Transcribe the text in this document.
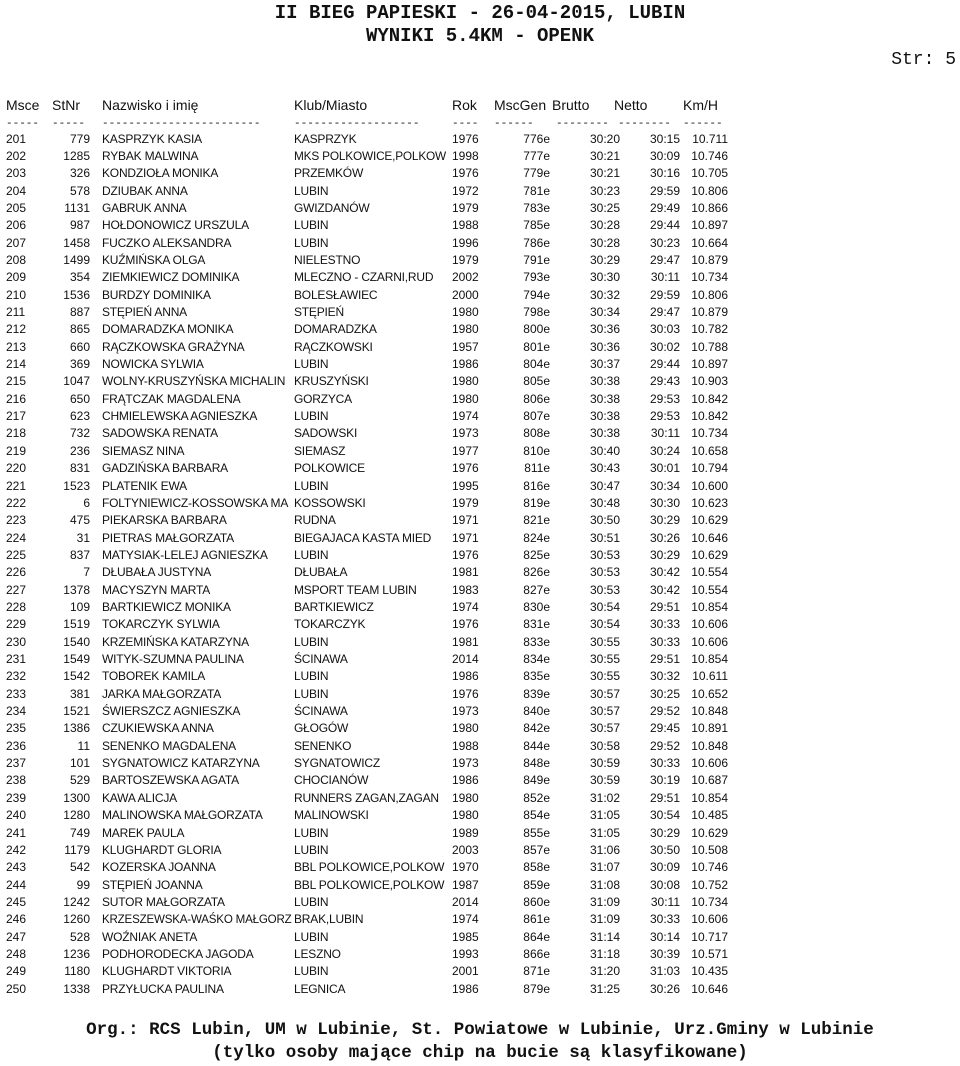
II BIEG PAPIESKI - 26-04-2015, LUBIN
WYNIKI 5.4KM - OPENK
Str: 5
Msce StNr	Nazwisko i imię	Klub/Miasto	Rok	MscGen Brutto	Netto	Km/H
----- ----- ------------------------	-------------------	---- ------ -------- -------- ------
201	779 KASPRZYK KASIA	KASPRZYK	1976	776e	30:20	30:15	10.711
202	1285 RYBAK MALWINA	MKS POLKOWICE,POLKOW 1998	777e	30:21	30:09 10.746
203	326 KONDZIOŁA MONIKA	PRZEMKÓW	1976	779e	30:21	30:16 10.705
204	578 DZIUBAK ANNA	LUBIN	1972	781e	30:23	29:59 10.806
205	1131 GABRUK ANNA	GWIZDANÓW	1979	783e	30:25	29:49 10.866
206	987 HOŁDONOWICZ URSZULA	LUBIN	1988	785e	30:28	29:44 10.897
207	1458 FUCZKO ALEKSANDRA	LUBIN	1996	786e	30:28	30:23 10.664
208	1499 KUŹMIŃSKA OLGA	NIELESTNO	1979	791e	30:29	29:47 10.879
209	354 ZIEMKIEWICZ DOMINIKA	MLECZNO - CZARNI,RUD	2002	793e	30:30	30:11 10.734
210	1536 BURDZY DOMINIKA	BOLESŁAWIEC	2000	794e	30:32	29:59 10.806
211	887 STĘPIEŃ ANNA	STĘPIEŃ	1980	798e	30:34	29:47 10.879
212	865 DOMARADZKA MONIKA	DOMARADZKA	1980	800e	30:36	30:03 10.782
213	660 RĄCZKOWSKA GRAŻYNA	RĄCZKOWSKI	1957	801e	30:36	30:02 10.788
214	369 NOWICKA SYLWIA	LUBIN	1986	804e	30:37	29:44 10.897
215	1047 WOLNY-KRUSZYŃSKA MICHALIN KRUSZYŃSKI	1980	805e	30:38	29:43 10.903
216	650 FRĄTCZAK MAGDALENA	GORZYCA	1980	806e	30:38	29:53 10.842
217	623 CHMIELEWSKA AGNIESZKA	LUBIN	1974	807e	30:38	29:53 10.842
218	732 SADOWSKA RENATA	SADOWSKI	1973	808e	30:38	30:11 10.734
219	236 SIEMASZ NINA	SIEMASZ	1977	810e	30:40	30:24 10.658
220	831 GADZIŃSKA BARBARA	POLKOWICE	1976	811e	30:43	30:01 10.794
221	1523 PLATENIK EWA	LUBIN	1995	816e	30:47	30:34 10.600
222	6 FOLTYNIEWICZ-KOSSOWSKA MA KOSSOWSKI	1979	819e	30:48	30:30 10.623
223	475 PIEKARSKA BARBARA	RUDNA	1971	821e	30:50	30:29 10.629
224	31 PIETRAS MAŁGORZATA	BIEGAJACA KASTA MIED	1971	824e	30:51	30:26 10.646
225	837 MATYSIAK-LELEJ AGNIESZKA	LUBIN	1976	825e	30:53	30:29 10.629
226	7 DŁUBAŁA JUSTYNA	DŁUBAŁA	1981	826e	30:53	30:42 10.554
227	1378 MACYSZYN MARTA	MSPORT TEAM LUBIN	1983	827e	30:53	30:42 10.554
228	109 BARTKIEWICZ MONIKA	BARTKIEWICZ	1974	830e	30:54	29:51 10.854
229	1519 TOKARCZYK SYLWIA	TOKARCZYK	1976	831e	30:54	30:33 10.606
230	1540 KRZEMIŃSKA KATARZYNA	LUBIN	1981	833e	30:55	30:33 10.606
231	1549 WITYK-SZUMNA PAULINA	ŚCINAWA	2014	834e	30:55	29:51 10.854
232	1542 TOBOREK KAMILA	LUBIN	1986	835e	30:55	30:32	10.611
233	381 JARKA MAŁGORZATA	LUBIN	1976	839e	30:57	30:25 10.652
234	1521 ŚWIERSZCZ AGNIESZKA	ŚCINAWA	1973	840e	30:57	29:52 10.848
235	1386 CZUKIEWSKA ANNA	GŁOGÓW	1980	842e	30:57	29:45 10.891
236	11 SENENKO MAGDALENA	SENENKO	1988	844e	30:58	29:52 10.848
237	101 SYGNATOWICZ KATARZYNA	SYGNATOWICZ	1973	848e	30:59	30:33 10.606
238	529 BARTOSZEWSKA AGATA	CHOCIANÓW	1986	849e	30:59	30:19 10.687
239	1300 KAWA ALICJA	RUNNERS ZAGAN,ZAGAN	1980	852e	31:02	29:51 10.854
240	1280 MALINOWSKA MAŁGORZATA	MALINOWSKI	1980	854e	31:05	30:54 10.485
241	749 MAREK PAULA	LUBIN	1989	855e	31:05	30:29 10.629
242	1179 KLUGHARDT GLORIA	LUBIN	2003	857e	31:06	30:50 10.508
243	542 KOZERSKA JOANNA	BBL POLKOWICE,POLKOW 1970	858e	31:07	30:09 10.746
244	99 STĘPIEŃ JOANNA	BBL POLKOWICE,POLKOW 1987	859e	31:08	30:08 10.752
245	1242 SUTOR MAŁGORZATA	LUBIN	2014	860e	31:09	30:11 10.734
246	1260 KRZESZEWSKA-WAŚKO MAŁGORZ BRAK,LUBIN	1974	861e	31:09	30:33 10.606
247	528 WOŹNIAK ANETA	LUBIN	1985	864e	31:14	30:14 10.717
248	1236 PODHORODECKA JAGODA	LESZNO	1993	866e	31:18	30:39 10.571
249	1180 KLUGHARDT VIKTORIA	LUBIN	2001	871e	31:20	31:03 10.435
250	1338 PRZYŁUCKA PAULINA	LEGNICA	1986	879e	31:25	30:26 10.646

Org.: RCS Lubin, UM w Lubinie, St. Powiatowe w Lubinie, Urz.Gminy w Lubinie

(tylko osoby mające chip na bucie są klasyfikowane)
